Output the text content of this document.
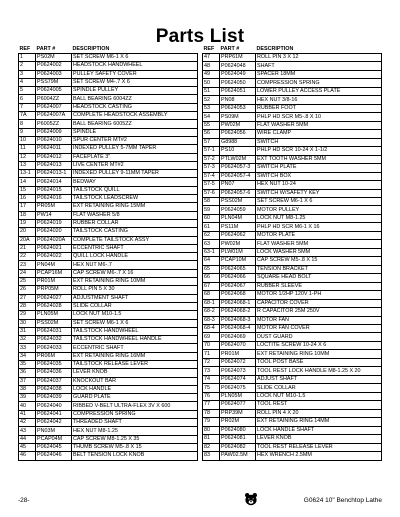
Parts List
REF	PART #	DESCRIPTION
1	PS02M	SET SCREW M6-1 X 6
2	P0624002	HEADSTOCK HANDWHEEL
3	P0624003	PULLEY SAFETY COVER
4	PSS79M	SET SCREW M4-.7 X 6
5	P0624005	SPINDLE PULLEY
6	P6004ZZ	BALL BEARING 6004ZZ
7	P0624007	HEADSTOCK CASTING
7A	P0624007A	COMPLETE HEADSTOCK ASSEMBLY
8	P6005ZZ	BALL BEARING 6005ZZ
9	P0624009	SPINDLE
10	P0624010	SPUR CENTER MT#2
11	P0624011	INDEXED PULLEY 5-7MM TAPER
12	P0624012	FACEPLATE 3"
13	P0624013	LIVE CENTER MT#2
13-1	P0624013-1	INDEXED PULLEY 9-11MM TAPER
14	P0624014	BEDWAY
15	P0624015	TAILSTOCK QUILL
16	P0624016	TAILSTOCK LEADSCREW
17	PR05M	EXT RETAINING RING 15MM
18	PW14	FLAT WASHER 5/8
19	P0624019	RUBBER COLLAR
20	P0624020	TAILSTOCK CASTING
20A	P0624020A	COMPLETE TAILSTOCK ASSY
21	P0624021	ECCENTRIC SHAFT
22	P0624022	QUILL LOCK HANDLE
23	PN04M	HEX NUT M6-.7
24	PCAP16M	CAP SCREW M6-.7 X 16
25	PR01M	EXT RETAINING RING 10MM
26	PRP05M	ROLL PIN 5 X 30
27	P0624027	ADJUSTMENT SHAFT
28	P0624028	SLIDE COLLAR
29	PLN05M	LOCK NUT M10-1.5
30	PSS02M	SET SCREW M6-1 X 6
31	P0624031	TAILSTOCK HANDWHEEL
32	P0624032	TAILSTOCK HANDWHEEL HANDLE
33	P0624033	ECCENTRIC SHAFT
34	PR06M	EXT RETAINING RING 16MM
35	P0624035	TAILSTOCK RELEASE LEVER
36	P0624036	LEVER KNOB
37	P0624037	KNOCKOUT BAR
38	P0624038	LOCK HANDLE
39	P0624039	GUARD PLATE
40	P0624040	RIBBED V-BELT ULTRA-FLEX 3V X 600
41	P0624041	COMPRESSION SPRING
42	P0624042	THREADED SHAFT
43	PN03M	HEX NUT M8-1.25
44	PCAP04M	CAP SCREW M8-1.25 X 35
45	P0624045	THUMB SCREW M5-.8 X 15
46	P0624046	BELT TENSION LOCK KNOB
REF	PART #	DESCRIPTION
47	PRP61M	ROLL PIN 3 X 12
48	P0624048	SHAFT
49	P0624049	SPACER 18MM
50	P0624050	COMPRESSION SPRING
51	P0624051	LOWER PULLEY ACCESS PLATE
52	PN08	HEX NUT 3/8-16
53	P0624053	RUBBER FOOT
54	PS09M	PHLP HD SCR M5-.8 X 10
55	PW02M	FLAT WASHER 5MM
56	P0624056	WIRE CLAMP
57	G8988	SWITCH
57-1	PS10	PHLP HD SCR 10-24 X 1-1/2
57-2	PTLW02M	EXT TOOTH WASHER 5MM
57-3	P0624057-3	SWITCH PLATE
57-4	P0624057-4	SWITCH BOX
57-5	PN07	HEX NUT 10-24
57-6	P0624057-6	SWITCH W/SAFETY KEY
58	PSS02M	SET SCREW M6-1 X 6
59	P0624059	MOTOR PULLEY
60	PLN04M	LOCK NUT M8-1.25
61	PS11M	PHLP HD SCR M6-1 X 16
62	P0624062	MOTOR PLATE
63	PW02M	FLAT WASHER 5MM
63-1	PLW01M	LOCK WASHER 5MM
64	PCAP10M	CAP SCREW M5-.8 X 15
65	P0624065	TENSION BRACKET
66	P0624066	SQUARE HEAD BOLT
67	P0624067	RUBBER SLEEVE
68	P0624068	MOTOR 1/2HP 120V 1-PH
68-1	P0624068-1	CAPACITOR COVER
68-2	P0624068-2	R CAPACITOR 25M 250V
68-3	P0624068-3	MOTOR FAN
68-4	P0624068-4	MOTOR FAN COVER
69	P0624069	DUST GUARD
70	P0624070	LOCTITE SCREW 10-24 X 6
71	PR01M	EXT RETAINING RING 10MM
72	P0624072	TOOL POST BASE
73	P0624073	TOOL REST LOCK HANDLE M8-1.25 X 20
74	P0624074	ADJUST SHAFT
75	P0624075	SLIDE COLLAR
76	PLN05M	LOCK NUT M10-1.5
77	P0624077	TOOL REST
78	PRP39M	ROLL PIN 4 X 20
79	PR02M	EXT RETAINING RING 14MM
80	P0624080	LOCK HANDLE SHAFT
81	P0624081	LEVER KNOB
82	P0624082	TOOL REST RELEASE LEVER
83	PAW02.5M	HEX WRENCH 2.5MM
-28-	G0624 10" Benchtop Lathe
